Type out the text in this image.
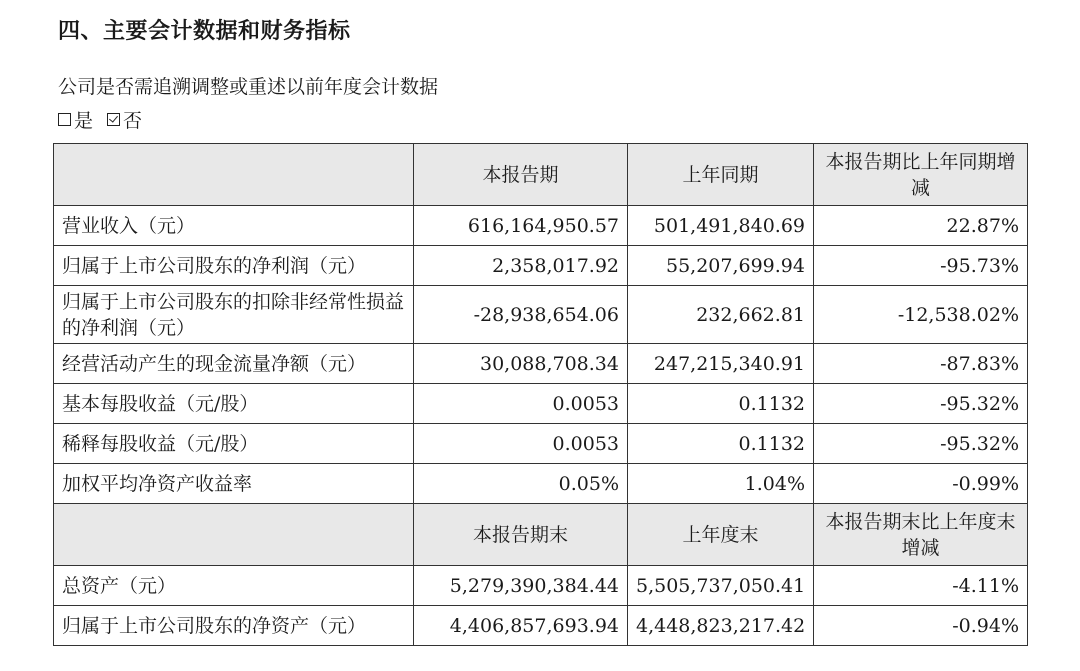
四、主要会计数据和财务指标
公司是否需追溯调整或重述以前年度会计数据
是 否
	本报告期	上年同期	本报告期比上年同期增减
营业收入（元）	616,164,950.57	501,491,840.69	22.87%
归属于上市公司股东的净利润（元）	2,358,017.92	55,207,699.94	-95.73%
归属于上市公司股东的扣除非经常性损益的净利润（元）	-28,938,654.06	232,662.81	-12,538.02%
经营活动产生的现金流量净额（元）	30,088,708.34	247,215,340.91	-87.83%
基本每股收益（元/股）	0.0053	0.1132	-95.32%
稀释每股收益（元/股）	0.0053	0.1132	-95.32%
加权平均净资产收益率	0.05%	1.04%	-0.99%
	本报告期末	上年度末	本报告期末比上年度末增减
总资产（元）	5,279,390,384.44	5,505,737,050.41	-4.11%
归属于上市公司股东的净资产（元）	4,406,857,693.94	4,448,823,217.42	-0.94%
